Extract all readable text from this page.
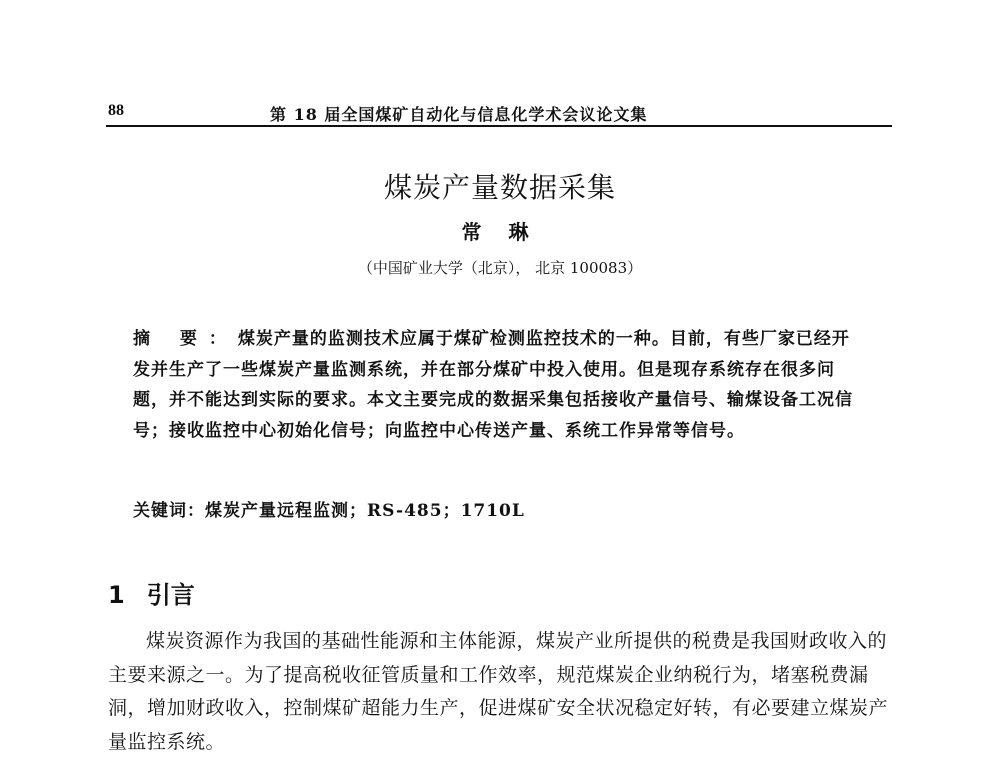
88	第 18 届全国煤矿自动化与信息化学术会议论文集
煤炭产量数据采集
常 琳
（中国矿业大学（北京）， 北京 100083）
摘 要：煤炭产量的监测技术应属于煤矿检测监控技术的一种。目前，有些厂家已经开发并生产了一些煤炭产量监测系统，并在部分煤矿中投入使用。但是现存系统存在很多问题，并不能达到实际的要求。本文主要完成的数据采集包括接收产量信号、输煤设备工况信号；接收监控中心初始化信号；向监控中心传送产量、系统工作异常等信号。
关键词：煤炭产量远程监测；RS-485；1710L
1 引言
煤炭资源作为我国的基础性能源和主体能源，煤炭产业所提供的税费是我国财政收入的主要来源之一。为了提高税收征管质量和工作效率，规范煤炭企业纳税行为，堵塞税费漏洞，增加财政收入，控制煤矿超能力生产，促进煤矿安全状况稳定好转，有必要建立煤炭产量监控系统。
